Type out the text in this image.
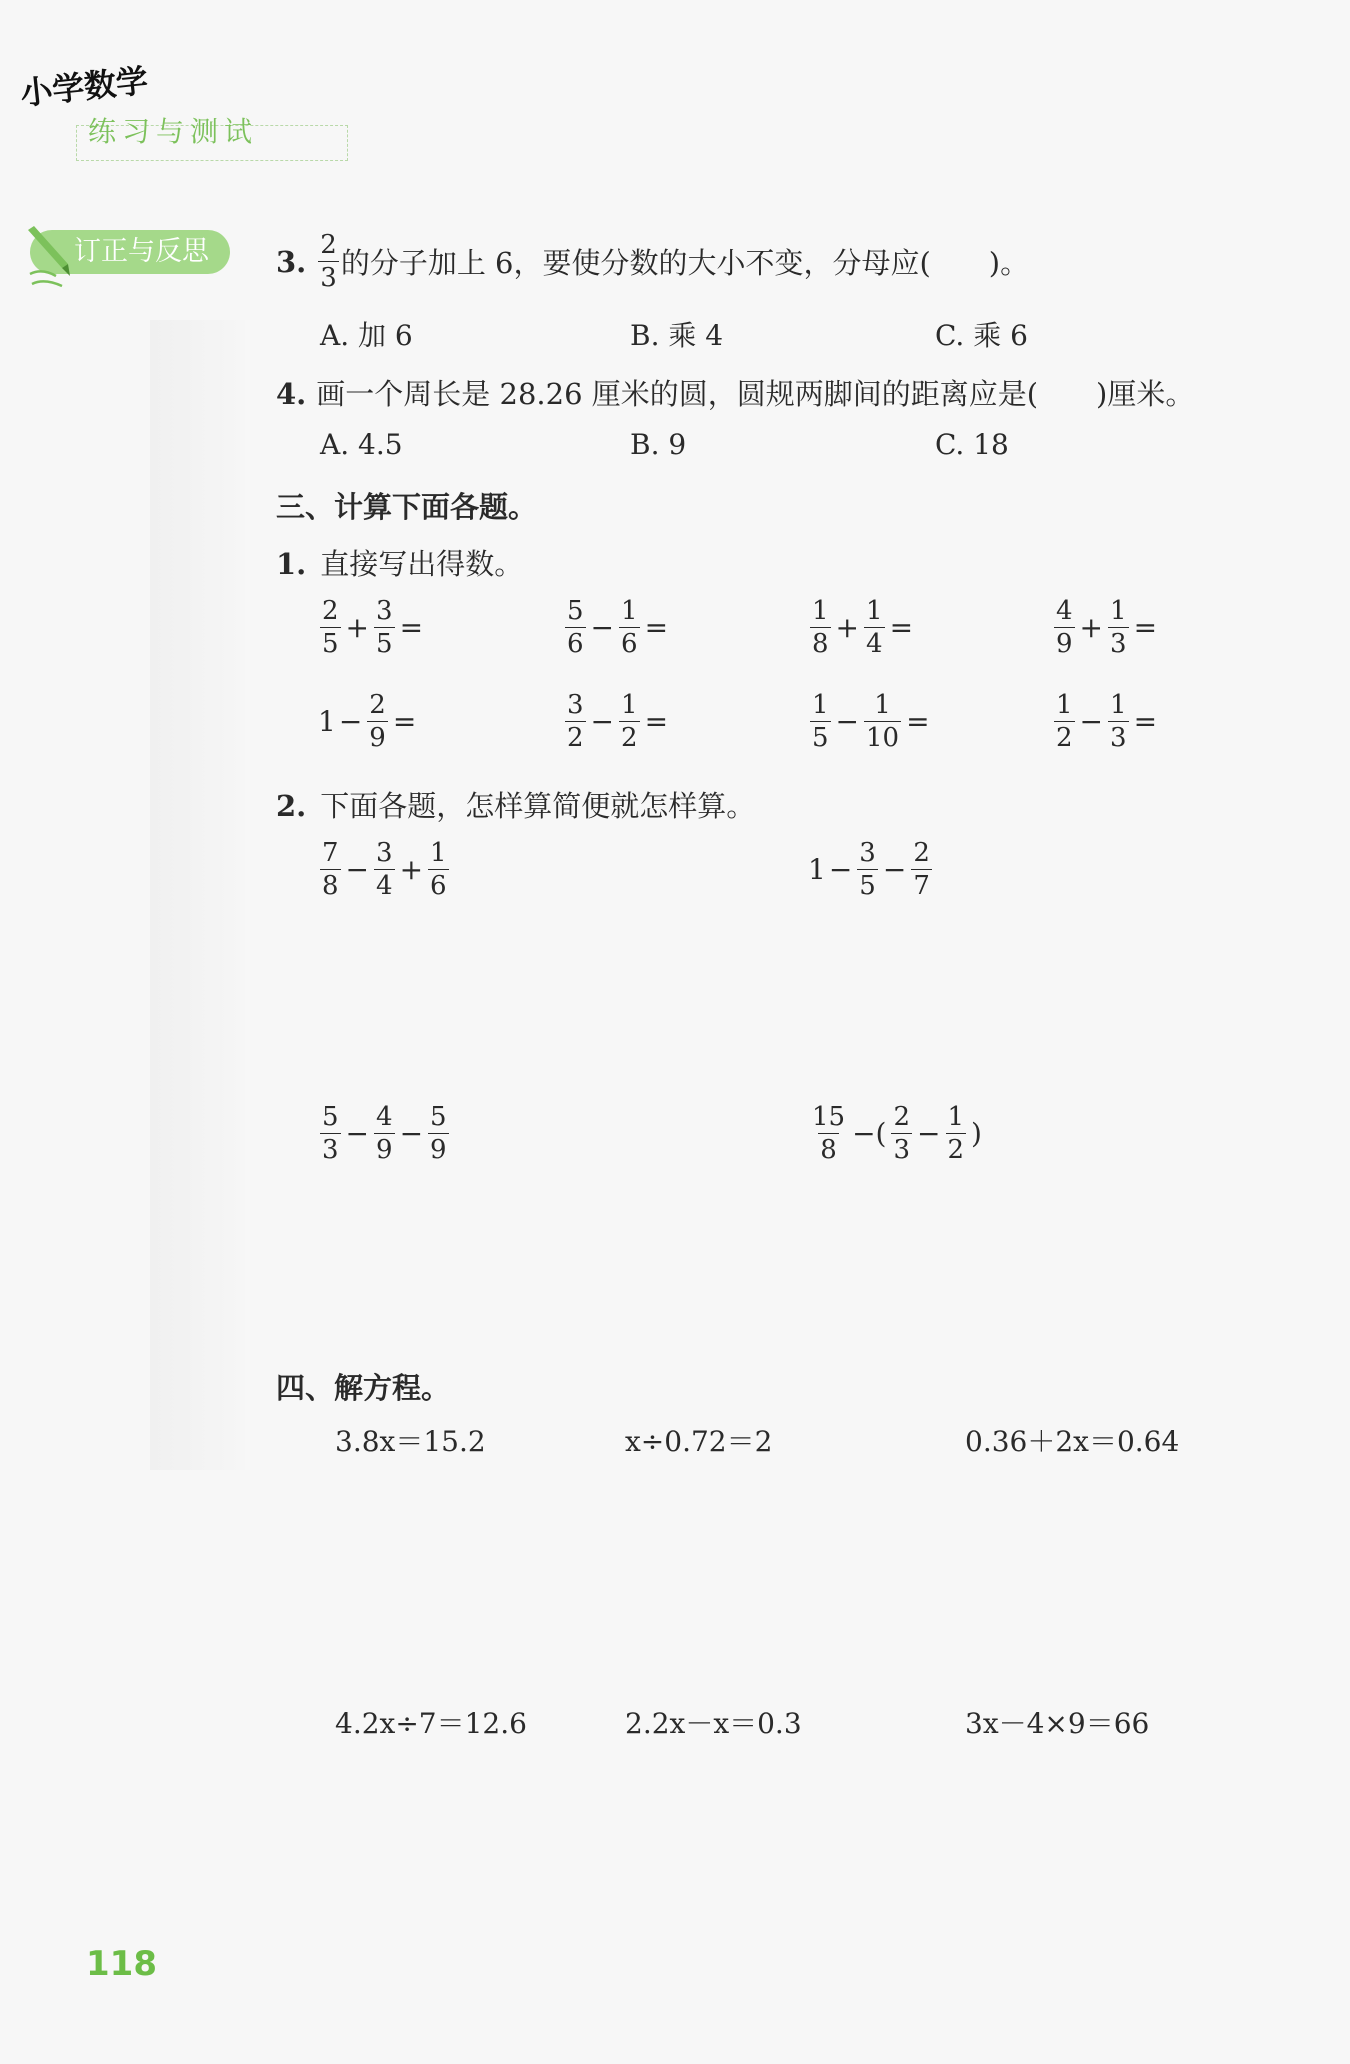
小学数学
练习与测试
订正与反思	3. $\frac{2}{3}$ 的分子加上 6，要使分数的大小不变，分母应(　　)。
A. 加 6	B. 乘 4	C. 乘 6
4. 画一个周长是 28.26 厘米的圆，圆规两脚间的距离应是(　　)厘米。
A. 4.5	B. 9	C. 18
三、计算下面各题。
1. 直接写出得数。
$\frac{2}{5} + \frac{3}{5}$ =	$\frac{5}{6} - \frac{1}{6}$ =	$\frac{1}{8} + \frac{1}{4}$ =	$\frac{4}{9} + \frac{1}{3}$ =
$1 - \frac{2}{9}$ =	$\frac{3}{2} - \frac{1}{2}$ =	$\frac{1}{5} - \frac{1}{10}$ =	$\frac{1}{2} - \frac{1}{3}$ =
2. 下面各题，怎样算简便就怎样算。
$\frac{7}{8} - \frac{3}{4} + \frac{1}{6}$	$1 - \frac{3}{5} - \frac{2}{7}$
$\frac{5}{3} - \frac{4}{9} - \frac{5}{9}$	$\frac{15}{8}$ −( $\frac{2}{3} - \frac{1}{2}$ )
四、解方程。
3.8x＝15.2	x÷0.72＝2	0.36＋2x＝0.64
4.2x÷7＝12.6	2.2x－x＝0.3	3x－4×9＝66
118
